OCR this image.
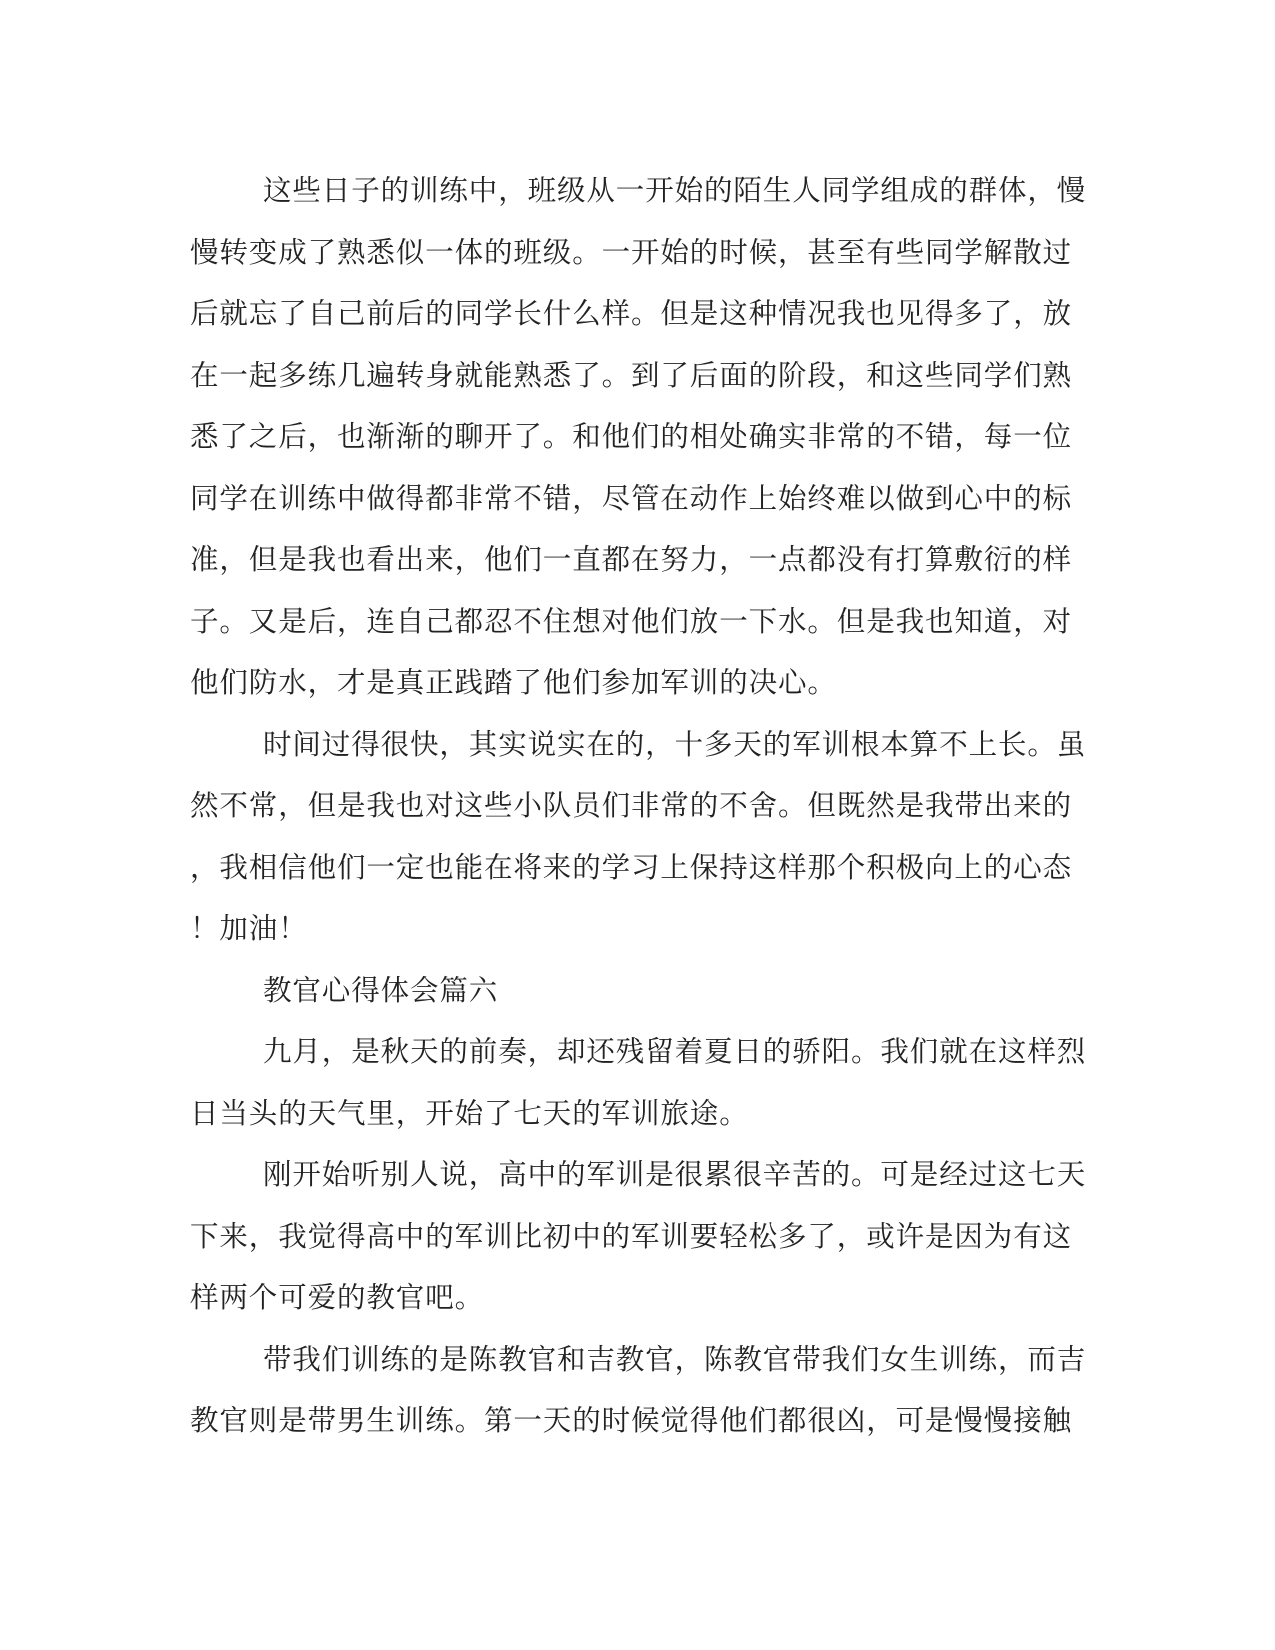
这些日子的训练中，班级从一开始的陌生人同学组成的群体，慢
慢转变成了熟悉似一体的班级。一开始的时候，甚至有些同学解散过
后就忘了自己前后的同学长什么样。但是这种情况我也见得多了，放
在一起多练几遍转身就能熟悉了。到了后面的阶段，和这些同学们熟
悉了之后，也渐渐的聊开了。和他们的相处确实非常的不错，每一位
同学在训练中做得都非常不错，尽管在动作上始终难以做到心中的标
准，但是我也看出来，他们一直都在努力，一点都没有打算敷衍的样
子。又是后，连自己都忍不住想对他们放一下水。但是我也知道，对
他们防水，才是真正践踏了他们参加军训的决心。
时间过得很快，其实说实在的，十多天的军训根本算不上长。虽
然不常，但是我也对这些小队员们非常的不舍。但既然是我带出来的
，我相信他们一定也能在将来的学习上保持这样那个积极向上的心态
！加油！
教官心得体会篇六
九月，是秋天的前奏，却还残留着夏日的骄阳。我们就在这样烈
日当头的天气里，开始了七天的军训旅途。
刚开始听别人说，高中的军训是很累很辛苦的。可是经过这七天
下来，我觉得高中的军训比初中的军训要轻松多了，或许是因为有这
样两个可爱的教官吧。
带我们训练的是陈教官和吉教官，陈教官带我们女生训练，而吉
教官则是带男生训练。第一天的时候觉得他们都很凶，可是慢慢接触
